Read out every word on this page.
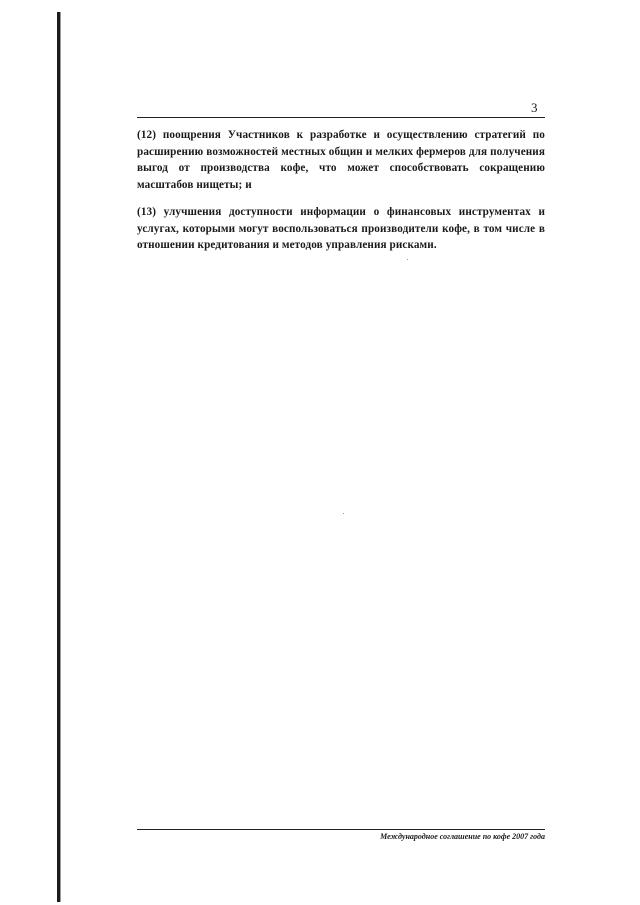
3

(12) поощрения Участников к разработке и осуществлению стратегий по расширению возможностей местных общин и мелких фермеров для получения выгод от производства кофе, что может способствовать сокращению масштабов нищеты; и

(13) улучшения доступности информации о финансовых инструментах и услугах, которыми могут воспользоваться производители кофе, в том числе в отношении кредитования и методов управления рисками.

Международное соглашение по кофе 2007 года
